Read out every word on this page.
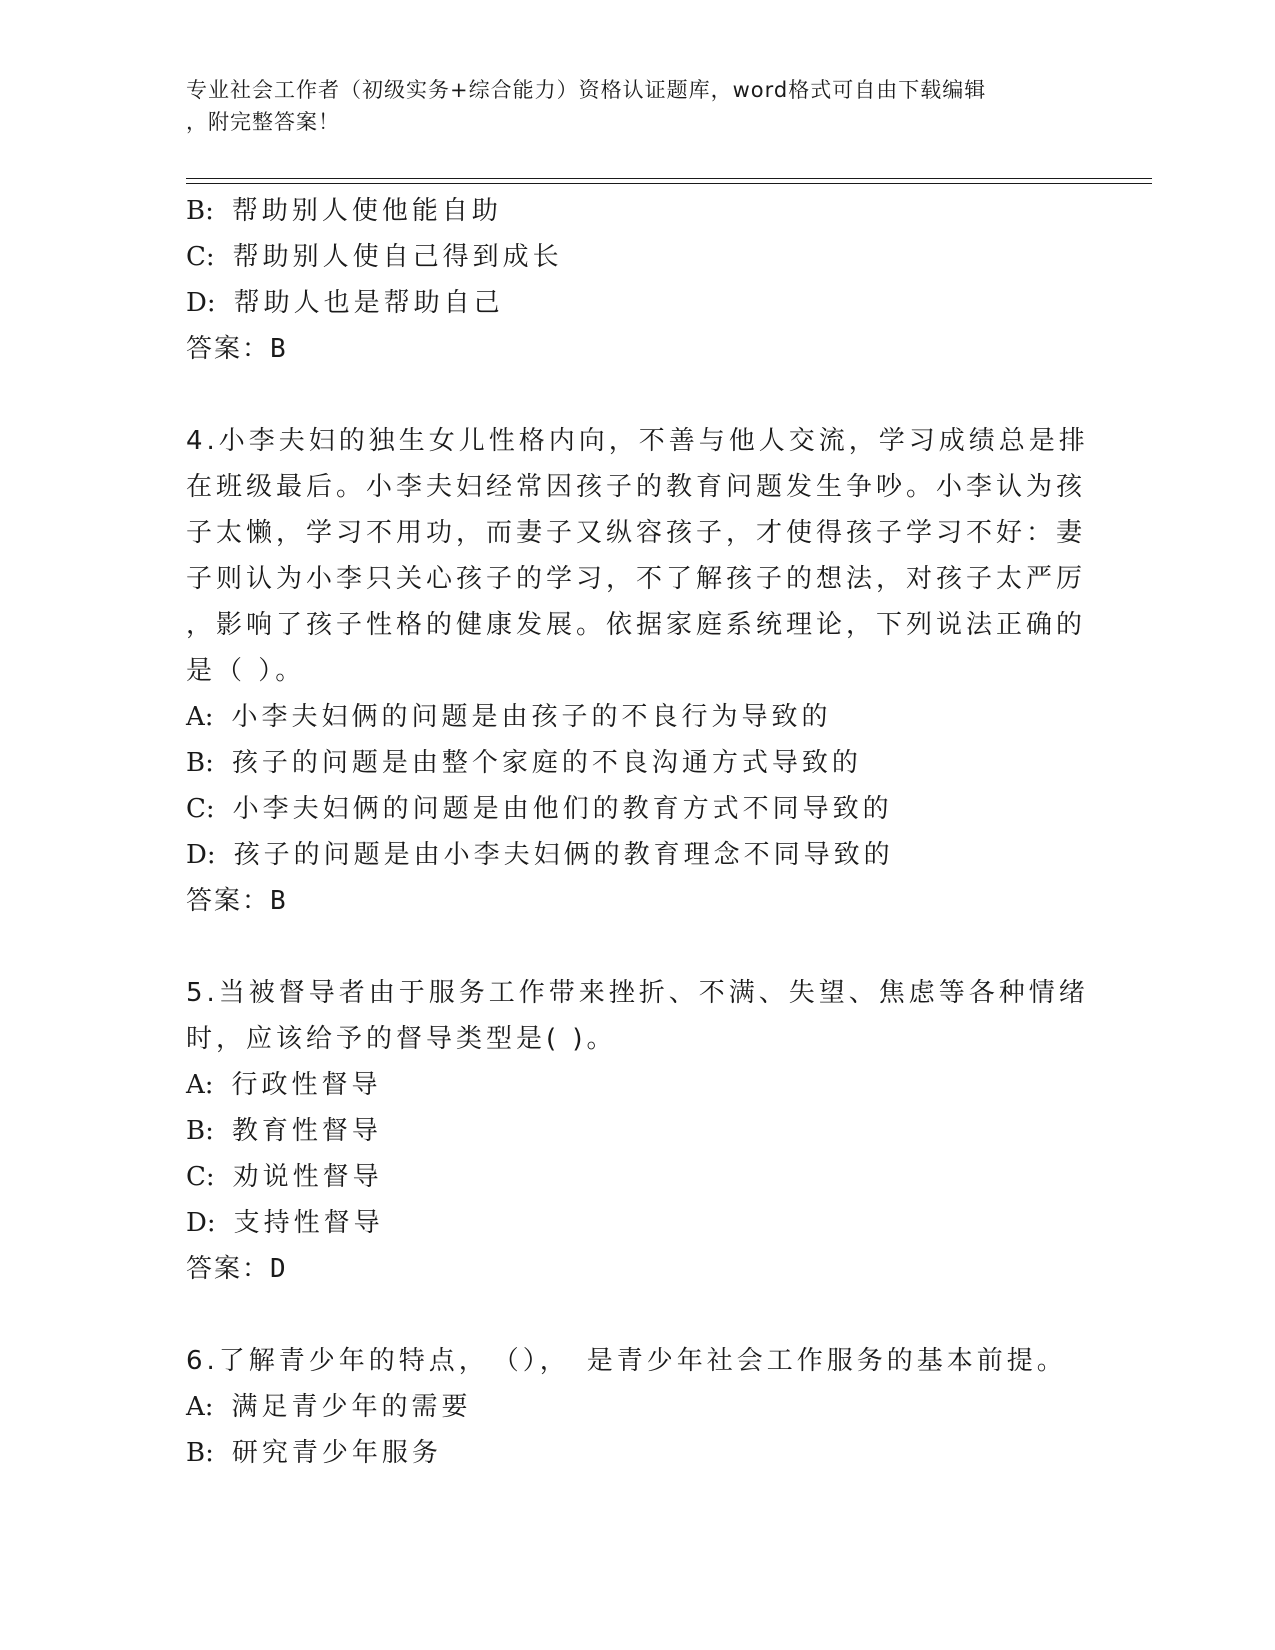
专业社会工作者（初级实务+综合能力）资格认证题库，word格式可自由下载编辑
，附完整答案！
B: 帮助别人使他能自助
C: 帮助别人使自己得到成长
D: 帮助人也是帮助自己
答案：B
4.小李夫妇的独生女儿性格内向，不善与他人交流，学习成绩总是排
在班级最后。小李夫妇经常因孩子的教育问题发生争吵。小李认为孩
子太懒，学习不用功，而妻子又纵容孩子，才使得孩子学习不好：妻
子则认为小李只关心孩子的学习，不了解孩子的想法，对孩子太严厉
，影响了孩子性格的健康发展。依据家庭系统理论，下列说法正确的
是（ ）。
A: 小李夫妇俩的问题是由孩子的不良行为导致的
B: 孩子的问题是由整个家庭的不良沟通方式导致的
C: 小李夫妇俩的问题是由他们的教育方式不同导致的
D: 孩子的问题是由小李夫妇俩的教育理念不同导致的
答案：B
5.当被督导者由于服务工作带来挫折、不满、失望、焦虑等各种情绪
时，应该给予的督导类型是( )。
A: 行政性督导
B: 教育性督导
C: 劝说性督导
D: 支持性督导
答案：D
6.了解青少年的特点，　（），　是青少年社会工作服务的基本前提。
A: 满足青少年的需要
B: 研究青少年服务
